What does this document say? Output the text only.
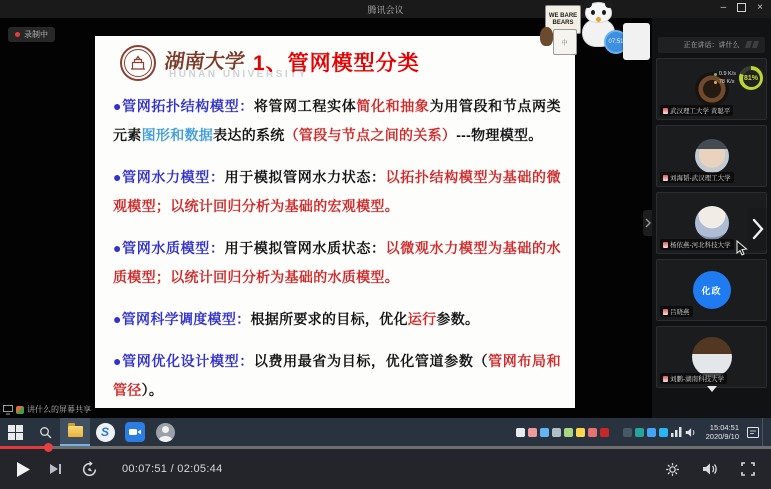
腾讯会议	–	×
录制中
湖南大学
HUNAN UNIVERSITY
1、管网模型分类
●管网拓扑结构模型：将管网工程实体简化和抽象为用管段和节点两类元素图形和数据表达的系统（管段与节点之间的关系）---物理模型。
●管网水力模型：用于模拟管网水力状态：以拓扑结构模型为基础的微观模型；以统计回归分析为基础的宏观模型。
●管网水质模型：用于模拟管网水质状态：以微观水力模型为基础的水质模型；以统计回归分析为基础的水质模型。
●管网科学调度模型：根据所要求的目标，优化运行参数。
●管网优化设计模型：以费用最省为目标，优化管道参数（管网布局和管径）。
WE BARE BEARS
中	07:51	正在讲话：讲什么
0.9 K/s
78 K/s
81%
武汉理工大学 黄聪平
刘海韬-武汉理工大学
杨依燕-河北科技大学
化政
吕晓燕
刘鹏-湖南科技大学
讲什么的屏幕共享
S	15:04:51
2020/9/10
00:07:51 / 02:05:44
